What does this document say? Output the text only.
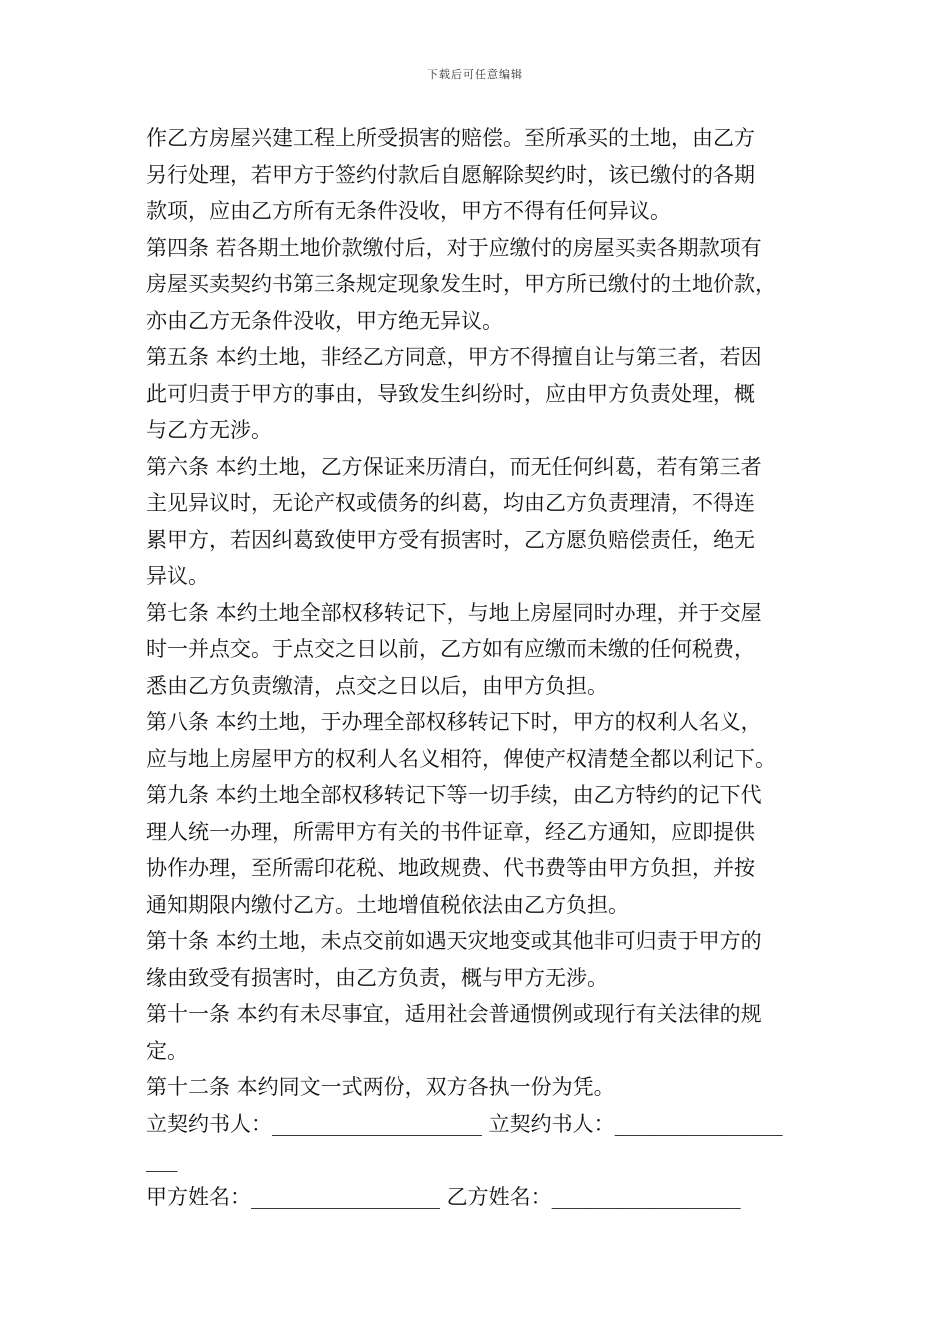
下载后可任意编辑
作乙方房屋兴建工程上所受损害的赔偿。至所承买的土地，由乙方
另行处理，若甲方于签约付款后自愿解除契约时，该已缴付的各期
款项，应由乙方所有无条件没收，甲方不得有任何异议。
第四条 若各期土地价款缴付后，对于应缴付的房屋买卖各期款项有
房屋买卖契约书第三条规定现象发生时，甲方所已缴付的土地价款，
亦由乙方无条件没收，甲方绝无异议。
第五条 本约土地，非经乙方同意，甲方不得擅自让与第三者，若因
此可归责于甲方的事由，导致发生纠纷时，应由甲方负责处理，概
与乙方无涉。
第六条 本约土地，乙方保证来历清白，而无任何纠葛，若有第三者
主见异议时，无论产权或债务的纠葛，均由乙方负责理清，不得连
累甲方，若因纠葛致使甲方受有损害时，乙方愿负赔偿责任，绝无
异议。
第七条 本约土地全部权移转记下，与地上房屋同时办理，并于交屋
时一并点交。于点交之日以前，乙方如有应缴而未缴的任何税费，
悉由乙方负责缴清，点交之日以后，由甲方负担。
第八条 本约土地，于办理全部权移转记下时，甲方的权利人名义，
应与地上房屋甲方的权利人名义相符，俾使产权清楚全都以利记下。
第九条 本约土地全部权移转记下等一切手续，由乙方特约的记下代
理人统一办理，所需甲方有关的书件证章，经乙方通知，应即提供
协作办理，至所需印花税、地政规费、代书费等由甲方负担，并按
通知期限内缴付乙方。土地增值税依法由乙方负担。
第十条 本约土地，未点交前如遇天灾地变或其他非可归责于甲方的
缘由致受有损害时，由乙方负责，概与甲方无涉。
第十一条 本约有未尽事宜，适用社会普通惯例或现行有关法律的规
定。
第十二条 本约同文一式两份，双方各执一份为凭。
立契约书人：____________________ 立契约书人：________________
___
甲方姓名：__________________ 乙方姓名：__________________
